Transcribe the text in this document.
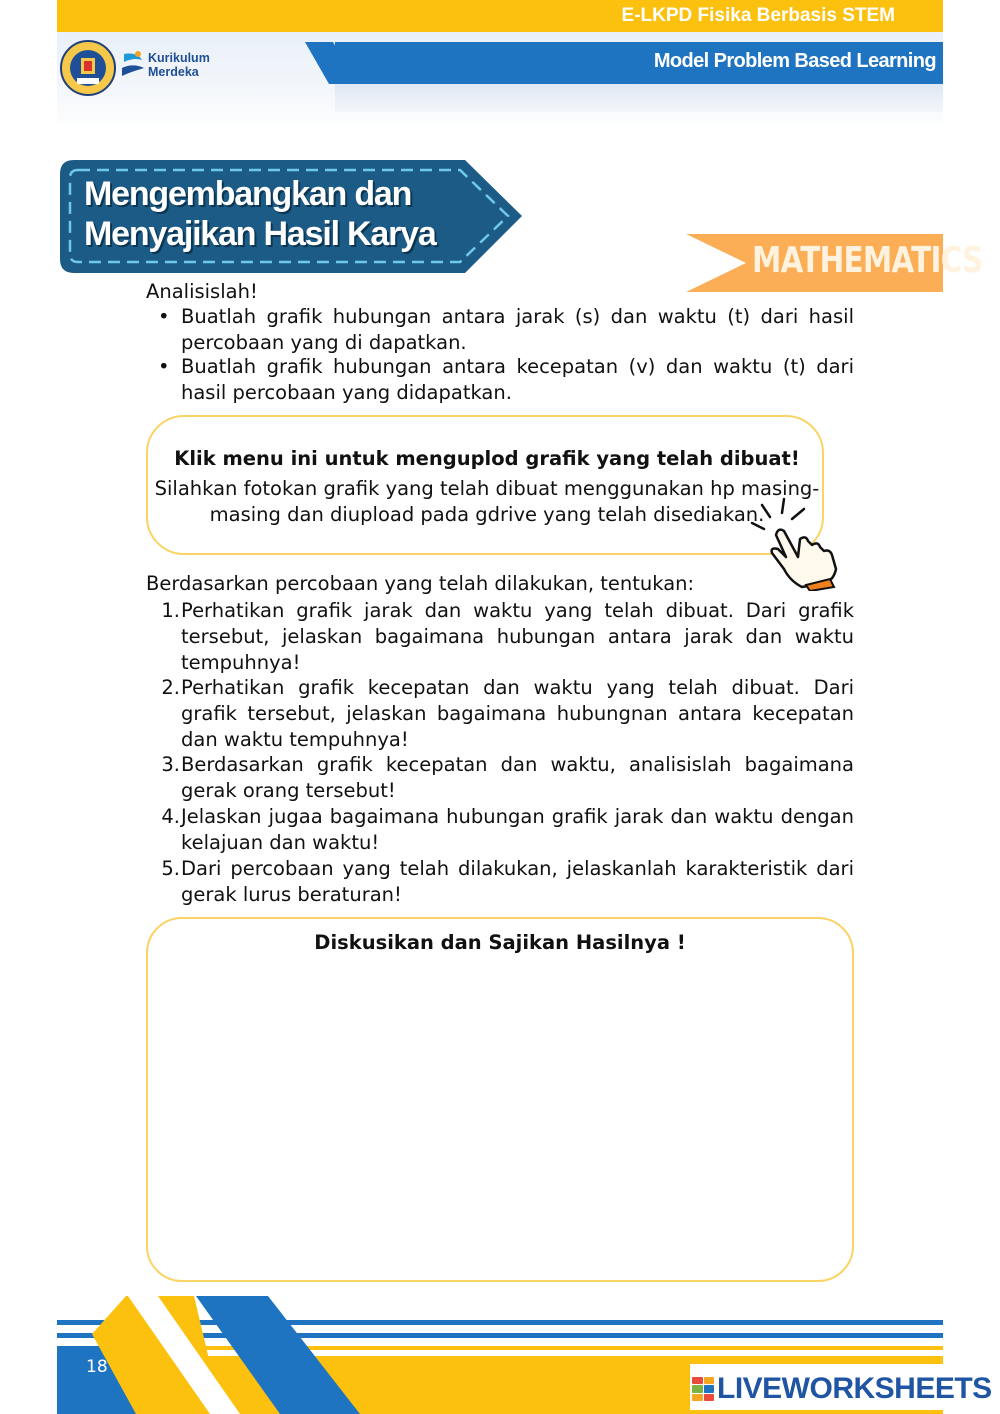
E-LKPD Fisika Berbasis STEM
Model Problem Based Learning
Kurikulum
Merdeka
Mengembangkan dan
Menyajikan Hasil Karya
MATHEMATICS
Analisislah!
• Buatlah grafik hubungan antara jarak (s) dan waktu (t) dari hasil percobaan yang di dapatkan.
• Buatlah grafik hubungan antara kecepatan (v) dan waktu (t) dari hasil percobaan yang didapatkan.
Klik menu ini untuk menguplod grafik yang telah dibuat!
Silahkan fotokan grafik yang telah dibuat menggunakan hp masing-masing dan diupload pada gdrive yang telah disediakan.
Berdasarkan percobaan yang telah dilakukan, tentukan:
1. Perhatikan grafik jarak dan waktu yang telah dibuat. Dari grafik tersebut, jelaskan bagaimana hubungan antara jarak dan waktu tempuhnya!
2. Perhatikan grafik kecepatan dan waktu yang telah dibuat. Dari grafik tersebut, jelaskan bagaimana hubungnan antara kecepatan dan waktu tempuhnya!
3. Berdasarkan grafik kecepatan dan waktu, analisislah bagaimana gerak orang tersebut!
4. Jelaskan jugaa bagaimana hubungan grafik jarak dan waktu dengan kelajuan dan waktu!
5. Dari percobaan yang telah dilakukan, jelaskanlah karakteristik dari gerak lurus beraturan!
Diskusikan dan Sajikan Hasilnya !
18
LIVEWORKSHEETS
